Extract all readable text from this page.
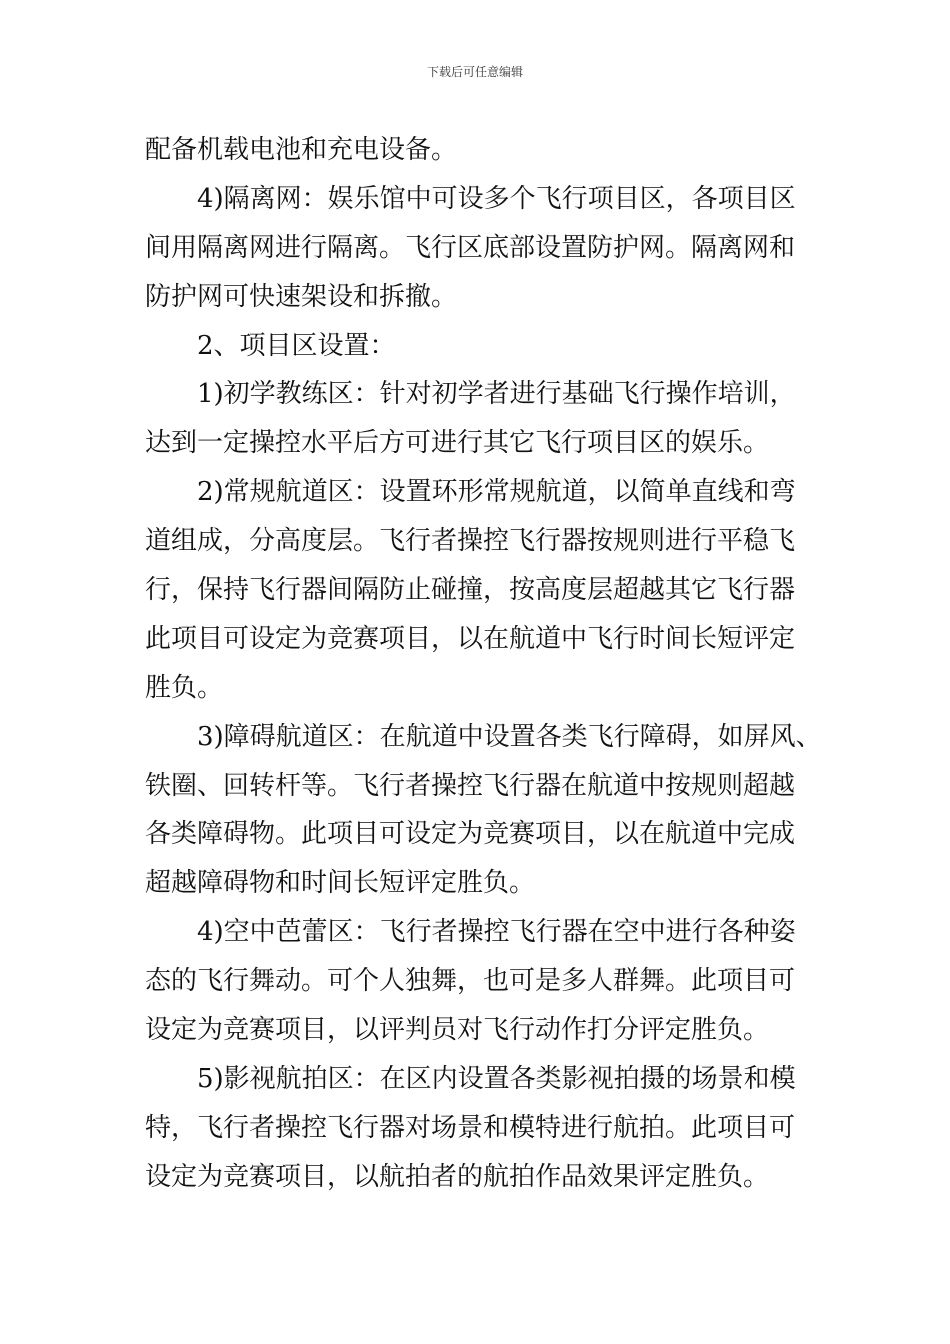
下载后可任意编辑
配备机载电池和充电设备。
4)隔离网：娱乐馆中可设多个飞行项目区，各项目区
间用隔离网进行隔离。飞行区底部设置防护网。隔离网和
防护网可快速架设和拆撤。
2、项目区设置：
1)初学教练区：针对初学者进行基础飞行操作培训，
达到一定操控水平后方可进行其它飞行项目区的娱乐。
2)常规航道区：设置环形常规航道，以简单直线和弯
道组成，分高度层。飞行者操控飞行器按规则进行平稳飞
行，保持飞行器间隔防止碰撞，按高度层超越其它飞行器
此项目可设定为竞赛项目，以在航道中飞行时间长短评定
胜负。
3)障碍航道区：在航道中设置各类飞行障碍，如屏风、
铁圈、回转杆等。飞行者操控飞行器在航道中按规则超越
各类障碍物。此项目可设定为竞赛项目，以在航道中完成
超越障碍物和时间长短评定胜负。
4)空中芭蕾区：飞行者操控飞行器在空中进行各种姿
态的飞行舞动。可个人独舞，也可是多人群舞。此项目可
设定为竞赛项目，以评判员对飞行动作打分评定胜负。
5)影视航拍区：在区内设置各类影视拍摄的场景和模
特，飞行者操控飞行器对场景和模特进行航拍。此项目可
设定为竞赛项目，以航拍者的航拍作品效果评定胜负。
